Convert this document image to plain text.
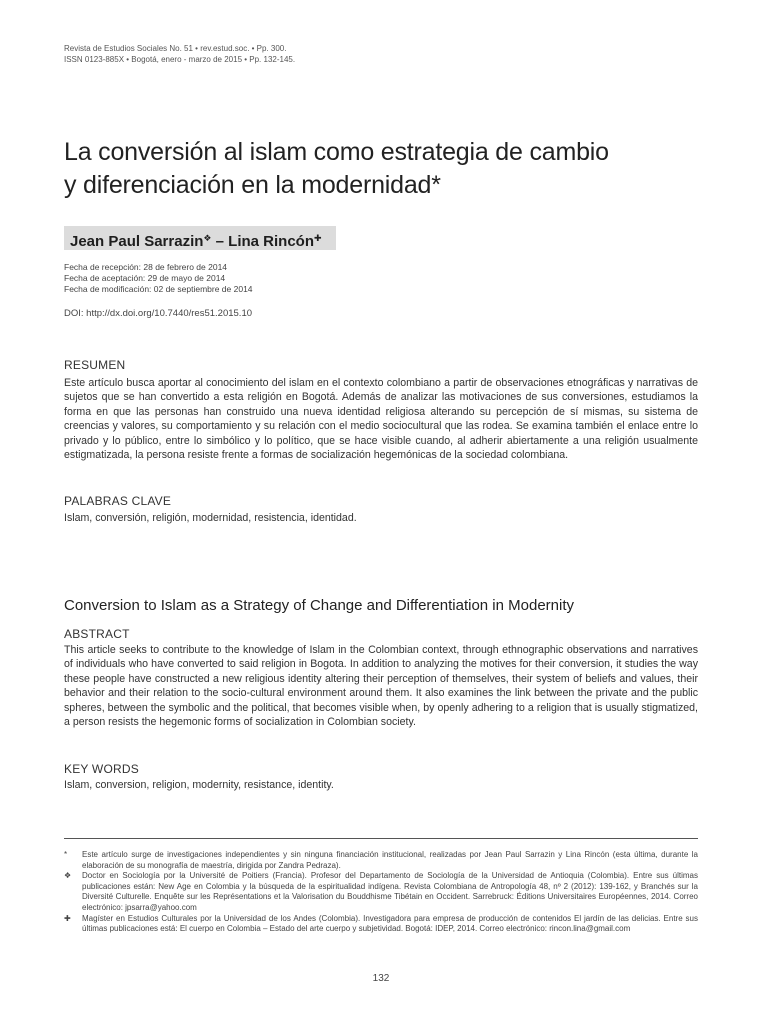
Revista de Estudios Sociales No. 51 • rev.estud.soc. • Pp. 300.
ISSN 0123-885X • Bogotá, enero - marzo de 2015 • Pp. 132-145.
La conversión al islam como estrategia de cambio
y diferenciación en la modernidad*
Jean Paul Sarrazin❖ – Lina Rincón✚
Fecha de recepción: 28 de febrero de 2014
Fecha de aceptación: 29 de mayo de 2014
Fecha de modificación: 02 de septiembre de 2014
DOI: http://dx.doi.org/10.7440/res51.2015.10
RESUMEN

Este artículo busca aportar al conocimiento del islam en el contexto colombiano a partir de observaciones etnográficas y narrativas de sujetos que se han convertido a esta religión en Bogotá. Además de analizar las motivaciones de sus conversiones, estudiamos la forma en que las personas han construido una nueva identidad religiosa alterando su percepción de sí mismas, su sistema de creencias y valores, su comportamiento y su relación con el medio sociocultural que las rodea. Se examina también el enlace entre lo privado y lo público, entre lo simbólico y lo político, que se hace visible cuando, al adherir abiertamente a una religión usualmente estigmatizada, la persona resiste frente a formas de socialización hegemónicas de la sociedad colombiana.

PALABRAS CLAVE
Islam, conversión, religión, modernidad, resistencia, identidad.
Conversion to Islam as a Strategy of Change and Differentiation in Modernity
ABSTRACT

This article seeks to contribute to the knowledge of Islam in the Colombian context, through ethnographic observations and narratives of individuals who have converted to said religion in Bogota. In addition to analyzing the motives for their conversion, it studies the way these people have constructed a new religious identity altering their perception of themselves, their system of beliefs and values, their behavior and their relation to the socio-cultural environment around them. It also examines the link between the private and the public spheres, between the symbolic and the political, that becomes visible when, by openly adhering to a religion that is usually stigmatized, a person resists the hegemonic forms of socialization in Colombian society.

KEY WORDS
Islam, conversion, religion, modernity, resistance, identity.
*	Este artículo surge de investigaciones independientes y sin ninguna financiación institucional, realizadas por Jean Paul Sarrazin y Lina Rincón (esta última, durante la elaboración de su monografía de maestría, dirigida por Zandra Pedraza).
❖	Doctor en Sociología por la Université de Poitiers (Francia). Profesor del Departamento de Sociología de la Universidad de Antioquia (Colombia). Entre sus últimas publicaciones están: New Age en Colombia y la búsqueda de la espiritualidad indígena. Revista Colombiana de Antropología 48, nº 2 (2012): 139-162, y Branchés sur la Diversité Culturelle. Enquête sur les Représentations et la Valorisation du Bouddhisme Tibétain en Occident. Sarrebruck: Éditions Universitaires Européennes, 2014. Correo electrónico: jpsarra@yahoo.com
✚	Magíster en Estudios Culturales por la Universidad de los Andes (Colombia). Investigadora para empresa de producción de contenidos El jardín de las delicias. Entre sus últimas publicaciones está: El cuerpo en Colombia – Estado del arte cuerpo y subjetividad. Bogotá: IDEP, 2014. Correo electrónico: rincon.lina@gmail.com
132
